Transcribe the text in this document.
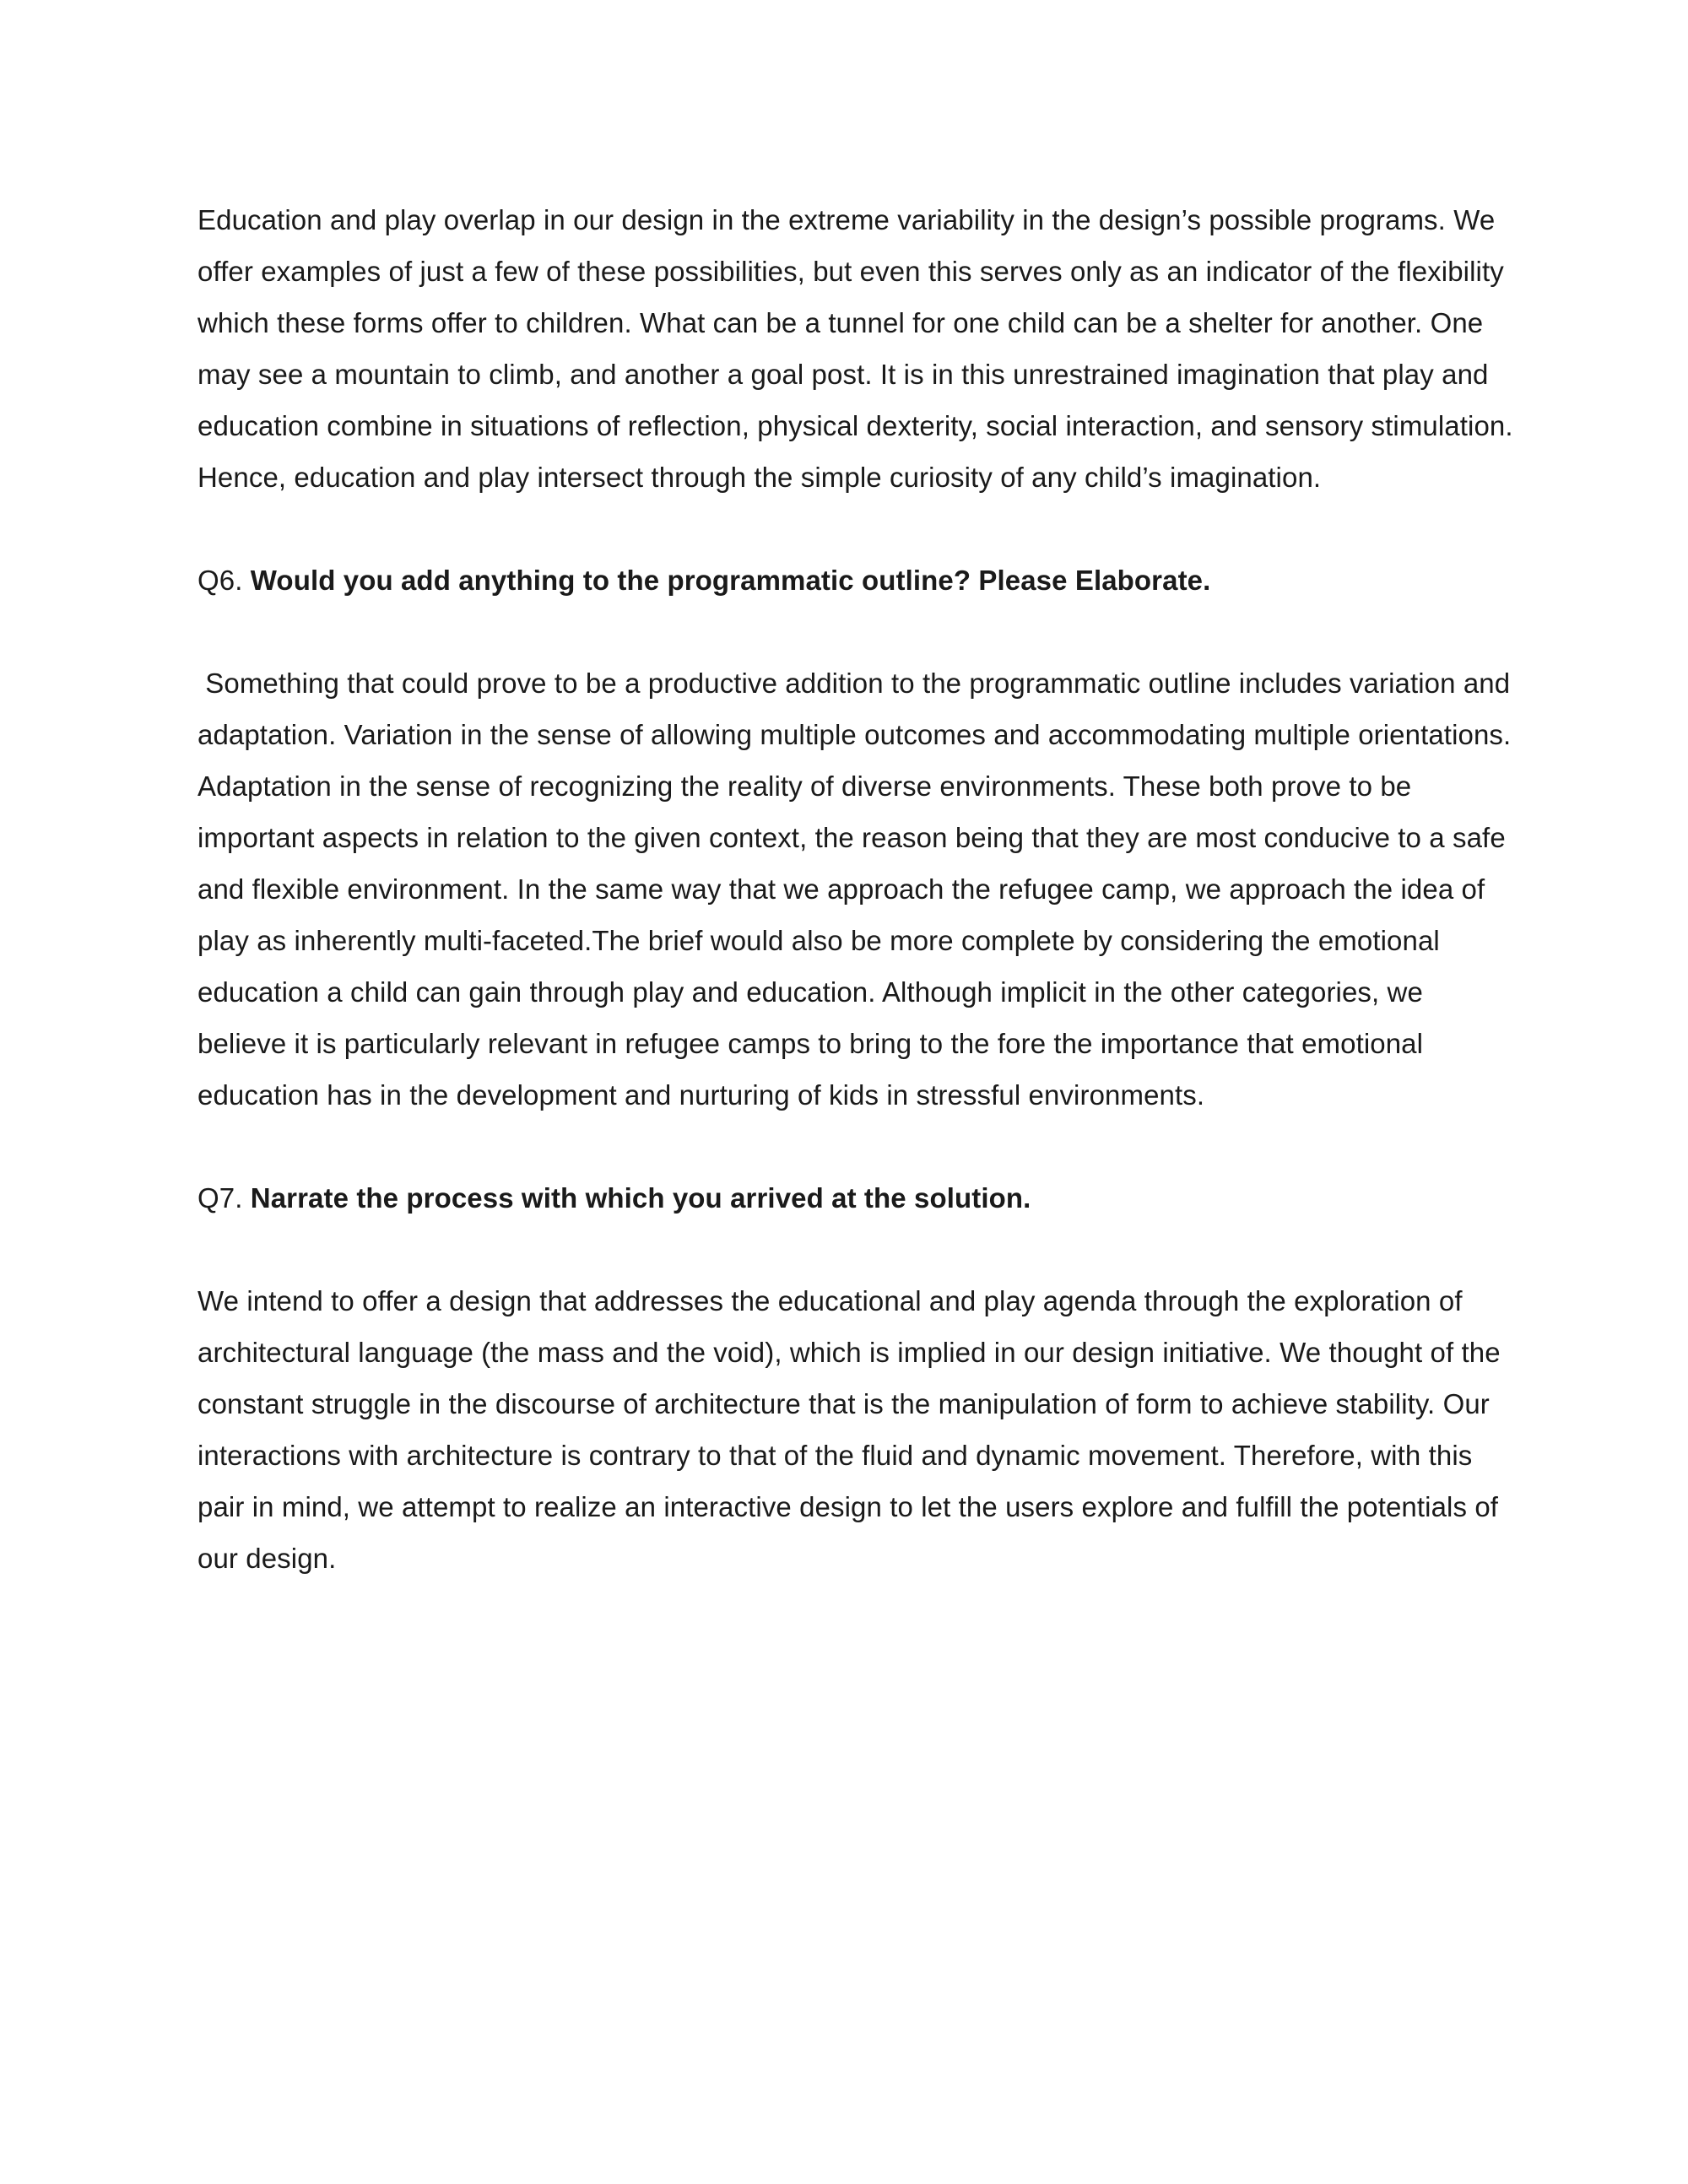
Education and play overlap in our design in the extreme variability in the design’s possible programs. We offer examples of just a few of these possibilities, but even this serves only as an indicator of the flexibility which these forms offer to children. What can be a tunnel for one child can be a shelter for another. One may see a mountain to climb, and another a goal post. It is in this unrestrained imagination that play and education combine in situations of reflection, physical dexterity, social interaction, and sensory stimulation. Hence, education and play intersect through the simple curiosity of any child’s imagination.

Q6. Would you add anything to the programmatic outline? Please Elaborate.

Something that could prove to be a productive addition to the programmatic outline includes variation and adaptation. Variation in the sense of allowing multiple outcomes and accommodating multiple orientations. Adaptation in the sense of recognizing the reality of diverse environments. These both prove to be important aspects in relation to the given context, the reason being that they are most conducive to a safe and flexible environment. In the same way that we approach the refugee camp, we approach the idea of play as inherently multi-faceted.The brief would also be more complete by considering the emotional education a child can gain through play and education. Although implicit in the other categories, we believe it is particularly relevant in refugee camps to bring to the fore the importance that emotional education has in the development and nurturing of kids in stressful environments.

Q7. Narrate the process with which you arrived at the solution.

We intend to offer a design that addresses the educational and play agenda through the exploration of architectural language (the mass and the void), which is implied in our design initiative. We thought of the constant struggle in the discourse of architecture that is the manipulation of form to achieve stability. Our interactions with architecture is contrary to that of the fluid and dynamic movement. Therefore, with this pair in mind, we attempt to realize an interactive design to let the users explore and fulfill the potentials of our design.
